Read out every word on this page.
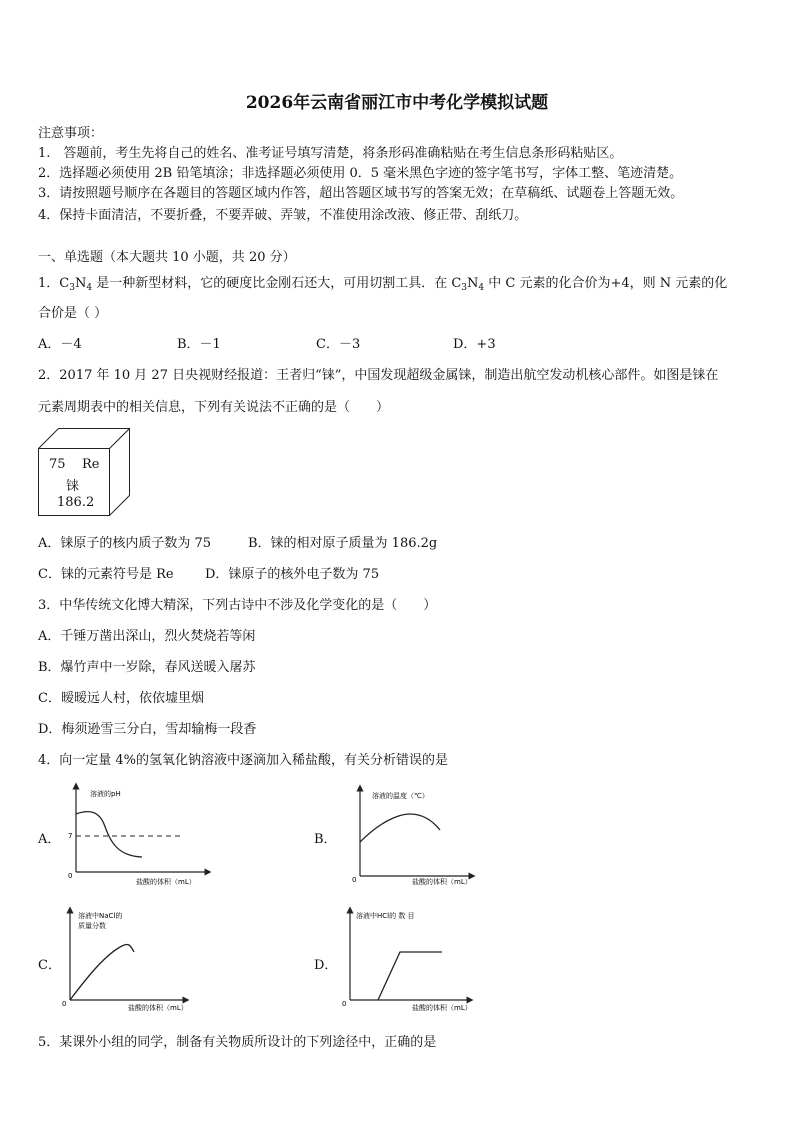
2026年云南省丽江市中考化学模拟试题
注意事项：
1.　答题前，考生先将自己的姓名、准考证号填写清楚，将条形码准确粘贴在考生信息条形码粘贴区。
2．选择题必须使用 2B 铅笔填涂；非选择题必须使用 0．5 毫米黑色字迹的签字笔书写，字体工整、笔迹清楚。
3．请按照题号顺序在各题目的答题区域内作答，超出答题区域书写的答案无效；在草稿纸、试题卷上答题无效。
4．保持卡面清洁，不要折叠，不要弄破、弄皱，不准使用涂改液、修正带、刮纸刀。
一、单选题（本大题共 10 小题，共 20 分）
1．$C_3N_4$ 是一种新型材料，它的硬度比金刚石还大，可用切割工具．在 $C_3N_4$ 中 C 元素的化合价为+4，则 N 元素的化
合价是（ ）
A．－4	B．－1	C．－3	D．+3
2．2017 年 10 月 27 日央视财经报道：王者归“铼”，中国发现超级金属铼，制造出航空发动机核心部件。如图是铼在
元素周期表中的相关信息，下列有关说法不正确的是（　　）
75 Re
铼
186.2
A．铼原子的核内质子数为 75	B．铼的相对原子质量为 186.2g
C．铼的元素符号是 Re D．铼原子的核外电子数为 75
3．中华传统文化博大精深，下列古诗中不涉及化学变化的是（　　）
A．千锤万凿出深山，烈火焚烧若等闲
B．爆竹声中一岁除，春风送暖入屠苏
C．暧暧远人村，依依墟里烟
D．梅须逊雪三分白，雪却输梅一段香
4．向一定量 4%的氢氧化钠溶液中逐滴加入稀盐酸，有关分析错误的是
A．
溶液的pH
盐酸的体积（mL）
0
7	B．
溶液的温度（℃）
盐酸的体积（mL）
0
C．
溶液中NaCl的
质量分数
盐酸的体积（mL）
0
D．
溶液中HCl的 数 目
盐酸的体积（mL）
0
5．某课外小组的同学，制备有关物质所设计的下列途径中，正确的是
